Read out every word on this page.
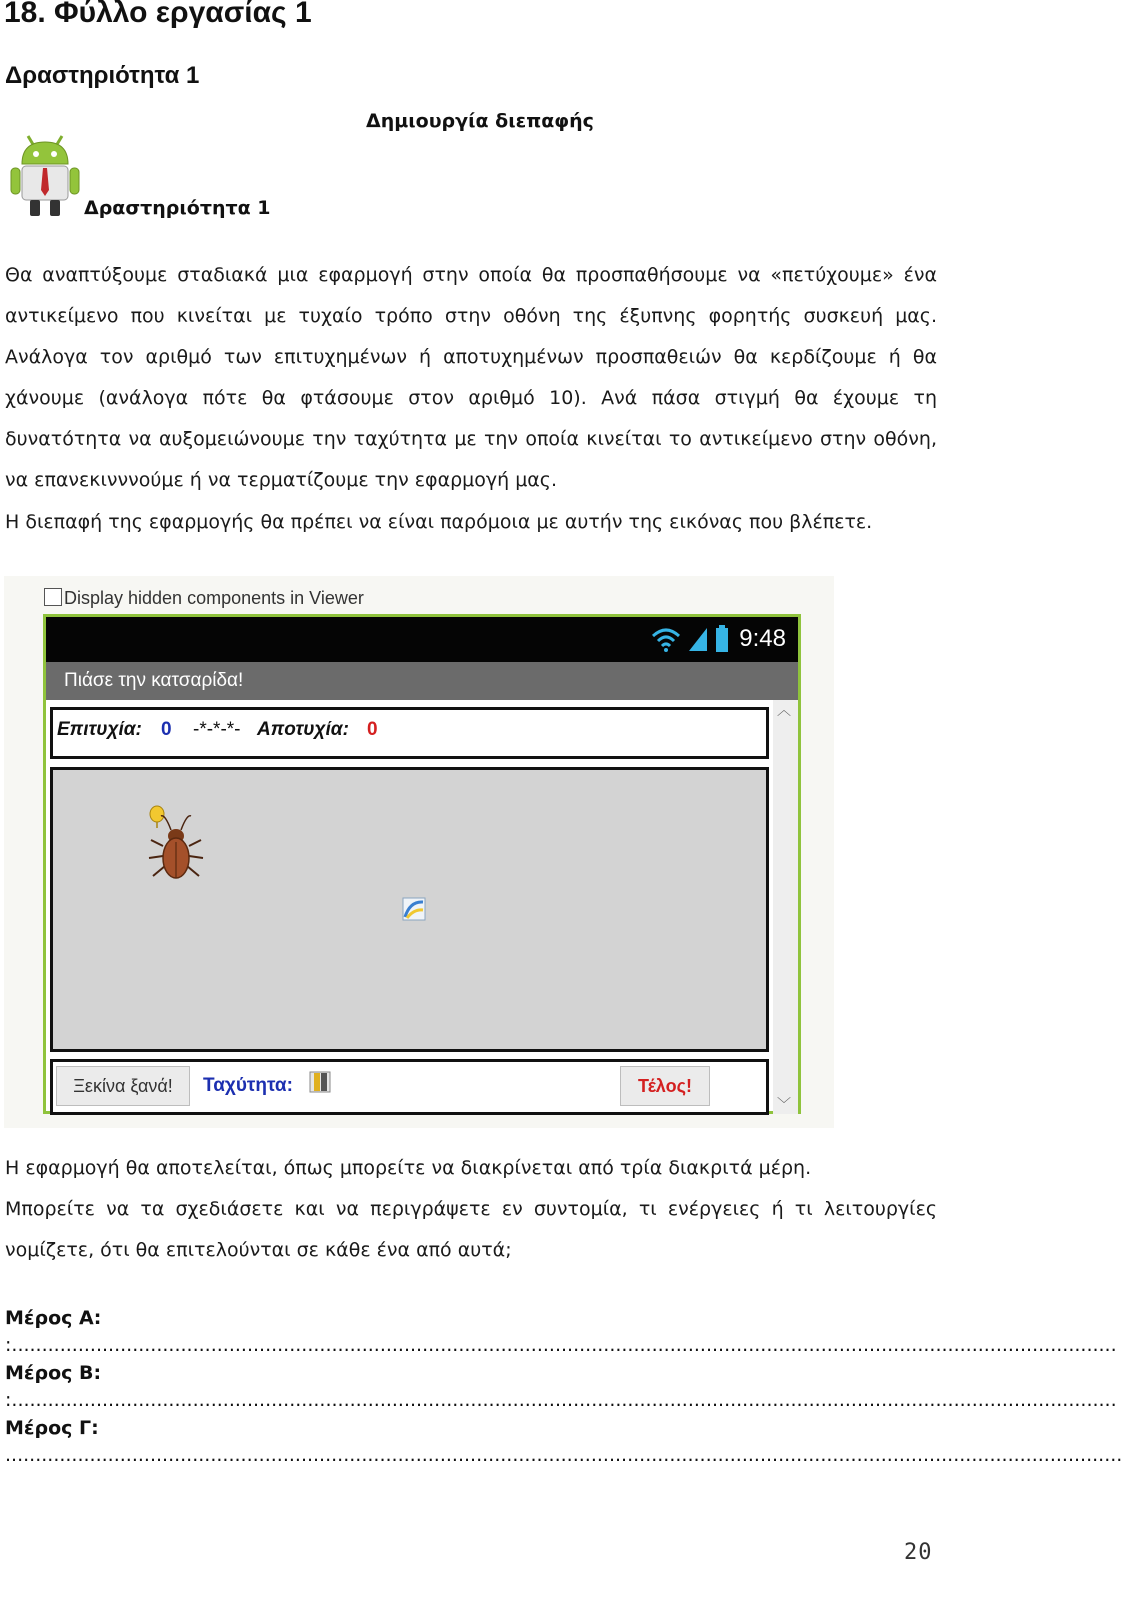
18. Φύλλο εργασίας 1
Δραστηριότητα 1
Δημιουργία διεπαφής
Δραστηριότητα 1
Θα αναπτύξουμε σταδιακά μια εφαρμογή στην οποία θα προσπαθήσουμε να «πετύχουμε» ένα αντικείμενο που κινείται με τυχαίο τρόπο στην οθόνη της έξυπνης φορητής συσκευή μας. Ανάλογα τον αριθμό των επιτυχημένων ή αποτυχημένων προσπαθειών θα κερδίζουμε ή θα χάνουμε (ανάλογα πότε θα φτάσουμε στον αριθμό 10). Ανά πάσα στιγμή θα έχουμε τη δυνατότητα να αυξομειώνουμε την ταχύτητα με την οποία κινείται το αντικείμενο στην οθόνη, να επανεκινννούμε ή να τερματίζουμε την εφαρμογή μας.
Η διεπαφή της εφαρμογής θα πρέπει να είναι παρόμοια με αυτήν της εικόνας που βλέπετε.
Display hidden components in Viewer
9:48
Πιάσε την κατσαρίδα!
︿
﹀
Επιτυχία: 0 -*-*-*- Αποτυχία: 0
Ξεκίνα ξανά!	Ταχύτητα:	Τέλος!
Η εφαρμογή θα αποτελείται, όπως μπορείτε να διακρίνεται από τρία διακριτά μέρη.
Μπορείτε να τα σχεδιάσετε και να περιγράψετε εν συντομία, τι ενέργειες ή τι λειτουργίες νομίζετε, ότι θα επιτελούνται σε κάθε ένα από αυτά;
Μέρος Α:
:.......................................................................................................................................................................................
Μέρος Β:
:.......................................................................................................................................................................................
Μέρος Γ:
.........................................................................................................................................................................................
20
